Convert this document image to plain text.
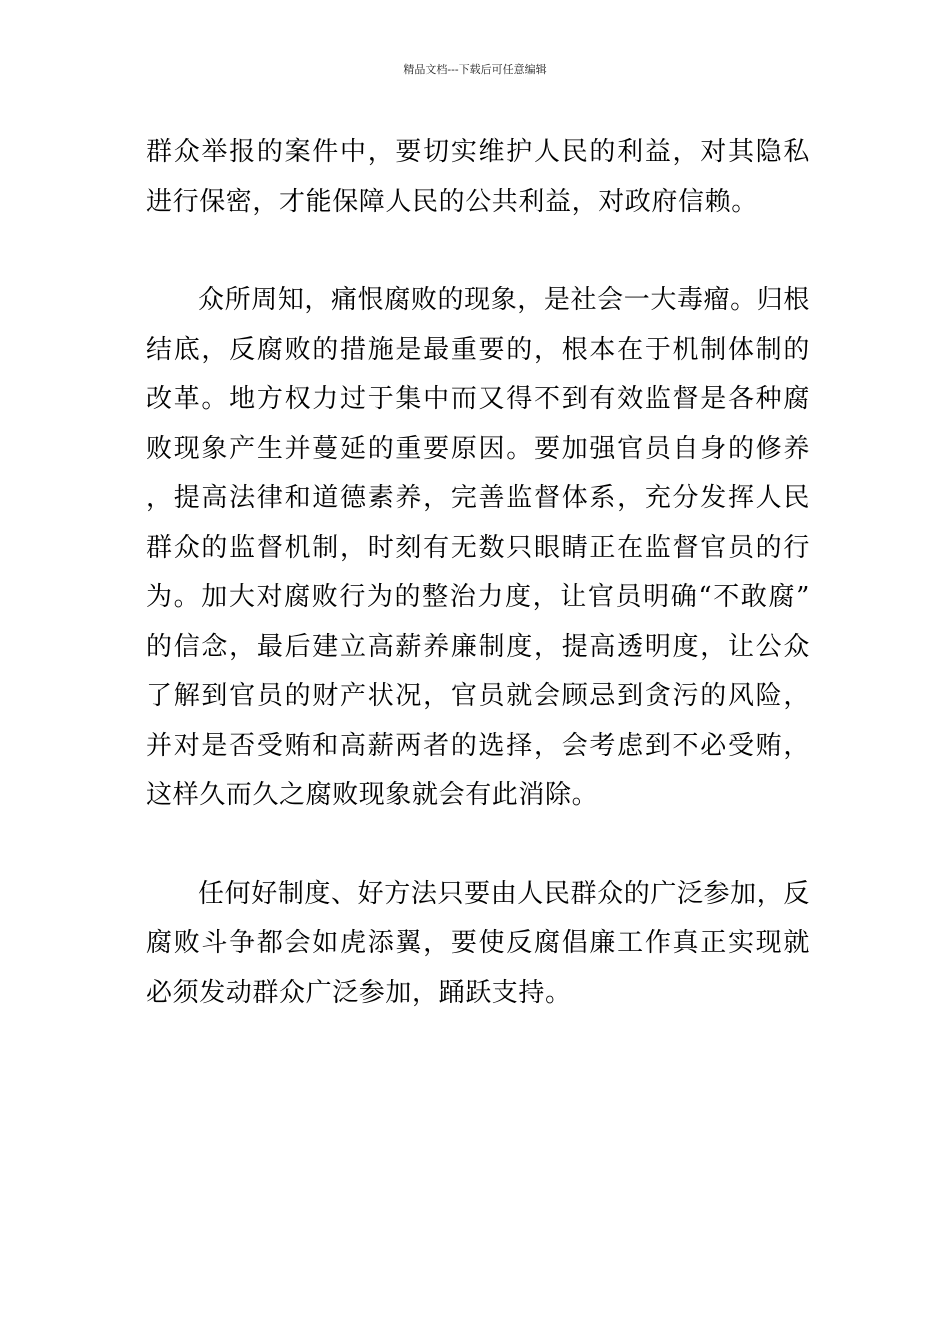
精品文档---下载后可任意编辑

群众举报的案件中，要切实维护人民的利益，对其隐私进行保密，才能保障人民的公共利益，对政府信赖。

众所周知，痛恨腐败的现象，是社会一大毒瘤。归根结底，反腐败的措施是最重要的，根本在于机制体制的改革。地方权力过于集中而又得不到有效监督是各种腐败现象产生并蔓延的重要原因。要加强官员自身的修养，提高法律和道德素养，完善监督体系，充分发挥人民群众的监督机制，时刻有无数只眼睛正在监督官员的行为。加大对腐败行为的整治力度，让官员明确“不敢腐”的信念，最后建立高薪养廉制度，提高透明度，让公众了解到官员的财产状况，官员就会顾忌到贪污的风险，并对是否受贿和高薪两者的选择，会考虑到不必受贿，这样久而久之腐败现象就会有此消除。

任何好制度、好方法只要由人民群众的广泛参加，反腐败斗争都会如虎添翼，要使反腐倡廉工作真正实现就必须发动群众广泛参加，踊跃支持。
